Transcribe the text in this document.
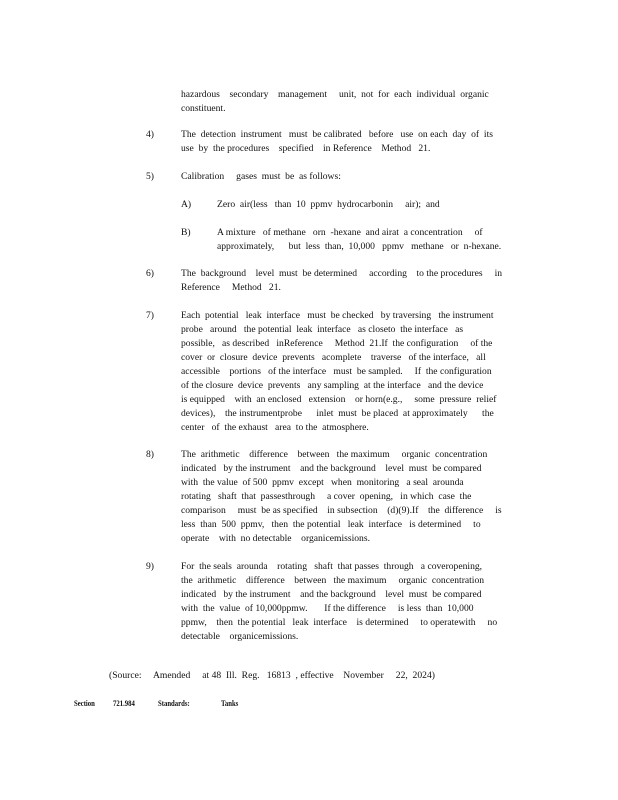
hazardous    secondary    management     unit,  not  for  each  individual  organic
constituent.
4)	The  detection  instrument   must  be calibrated   before   use  on each  day  of  its
use  by  the procedures    specified    in Reference    Method   21.
5)	Calibration     gases  must  be  as follows:
A)	Zero  air(less   than  10  ppmv  hydrocarbonin     air);  and
B)	A mixture   of methane   orn  -hexane  and airat  a concentration     of
approximately,      but  less  than,  10,000   ppmv   methane   or  n-hexane.
6)	The  background    level  must  be determined     according    to the procedures     in
Reference     Method   21.
7)	Each  potential   leak  interface   must  be checked   by traversing   the instrument
probe   around   the potential  leak  interface   as closeto  the interface   as
possible,   as described   inReference     Method  21.If  the configuration     of the
cover  or  closure  device  prevents   acomplete    traverse   of the interface,   all
accessible    portions   of the interface   must  be sampled.     If  the configuration
of the closure  device  prevents   any sampling  at the interface   and the device
is equipped    with  an enclosed   extension    or horn(e.g.,     some  pressure  relief
devices),    the instrumentprobe      inlet  must  be placed  at approximately      the
center   of  the exhaust   area  to the  atmosphere.
8)	The  arithmetic    difference    between   the maximum     organic  concentration
indicated   by the instrument    and the background    level  must  be compared
with  the value  of 500  ppmv  except   when  monitoring   a seal  arounda
rotating   shaft  that  passesthrough     a cover  opening,   in which  case  the
comparison     must  be as specified    in subsection    (d)(9).If    the  difference     is
less  than  500  ppmv,   then  the potential   leak  interface   is determined     to
operate    with  no detectable    organicemissions.
9)	For  the seals  arounda    rotating   shaft  that passes  through   a coveropening,
the  arithmetic    difference    between   the maximum     organic  concentration
indicated   by the instrument    and the background    level  must  be compared
with  the  value  of 10,000ppmw.       If the difference     is less  than  10,000
ppmw,    then  the potential   leak  interface    is determined     to operatewith     no
detectable    organicemissions.
(Source:     Amended     at 48  Ill.  Reg.   16813  , effective    November     22,  2024)
Section 721.984	Standards:	Tanks
